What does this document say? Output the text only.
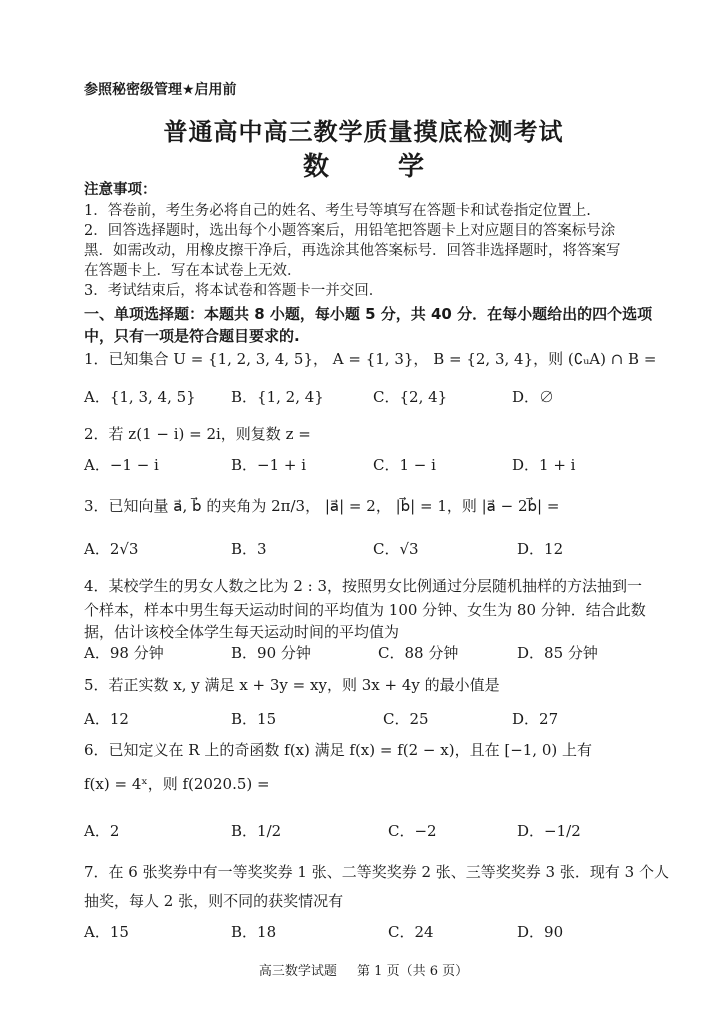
参照秘密级管理★启用前
普通高中高三教学质量摸底检测考试
数 学
注意事项：
1．答卷前，考生务必将自己的姓名、考生号等填写在答题卡和试卷指定位置上.
2．回答选择题时，选出每个小题答案后，用铅笔把答题卡上对应题目的答案标号涂
黑．如需改动，用橡皮擦干净后，再选涂其他答案标号．回答非选择题时，将答案写
在答题卡上．写在本试卷上无效．
3．考试结束后，将本试卷和答题卡一并交回．
一、单项选择题：本题共 8 小题，每小题 5 分，共 40 分．在每小题给出的四个选项
中，只有一项是符合题目要求的.
1．已知集合 U = {1, 2, 3, 4, 5}， A = {1, 3}， B = {2, 3, 4}，则 (∁ᵤA) ∩ B =
A．{1, 3, 4, 5} B．{1, 2, 4}	C．{2, 4}	D．∅
2．若 z(1 − i) = 2i，则复数 z =
A．−1 − i	B．−1 + i	C．1 − i	D．1 + i
3．已知向量 a⃗, b⃗ 的夹角为 2π/3， |a⃗| = 2， |b⃗| = 1，则 |a⃗ − 2b⃗| =
A．2√3	B．3	C．√3	D．12
4．某校学生的男女人数之比为 2 : 3，按照男女比例通过分层随机抽样的方法抽到一
个样本，样本中男生每天运动时间的平均值为 100 分钟、女生为 80 分钟．结合此数
据，估计该校全体学生每天运动时间的平均值为
A．98 分钟	B．90 分钟	C．88 分钟	D．85 分钟
5．若正实数 x, y 满足 x + 3y = xy，则 3x + 4y 的最小值是
A．12	B．15	C．25	D．27
6．已知定义在 R 上的奇函数 f(x) 满足 f(x) = f(2 − x)，且在 [−1, 0) 上有
f(x) = 4ˣ，则 f(2020.5) =
A．2	B．1/2	C．−2	D．−1/2
7．在 6 张奖券中有一等奖奖券 1 张、二等奖奖券 2 张、三等奖奖券 3 张．现有 3 个人
抽奖，每人 2 张，则不同的获奖情况有
A．15	B．18	C．24	D．90
高三数学试题 第 1 页（共 6 页）
